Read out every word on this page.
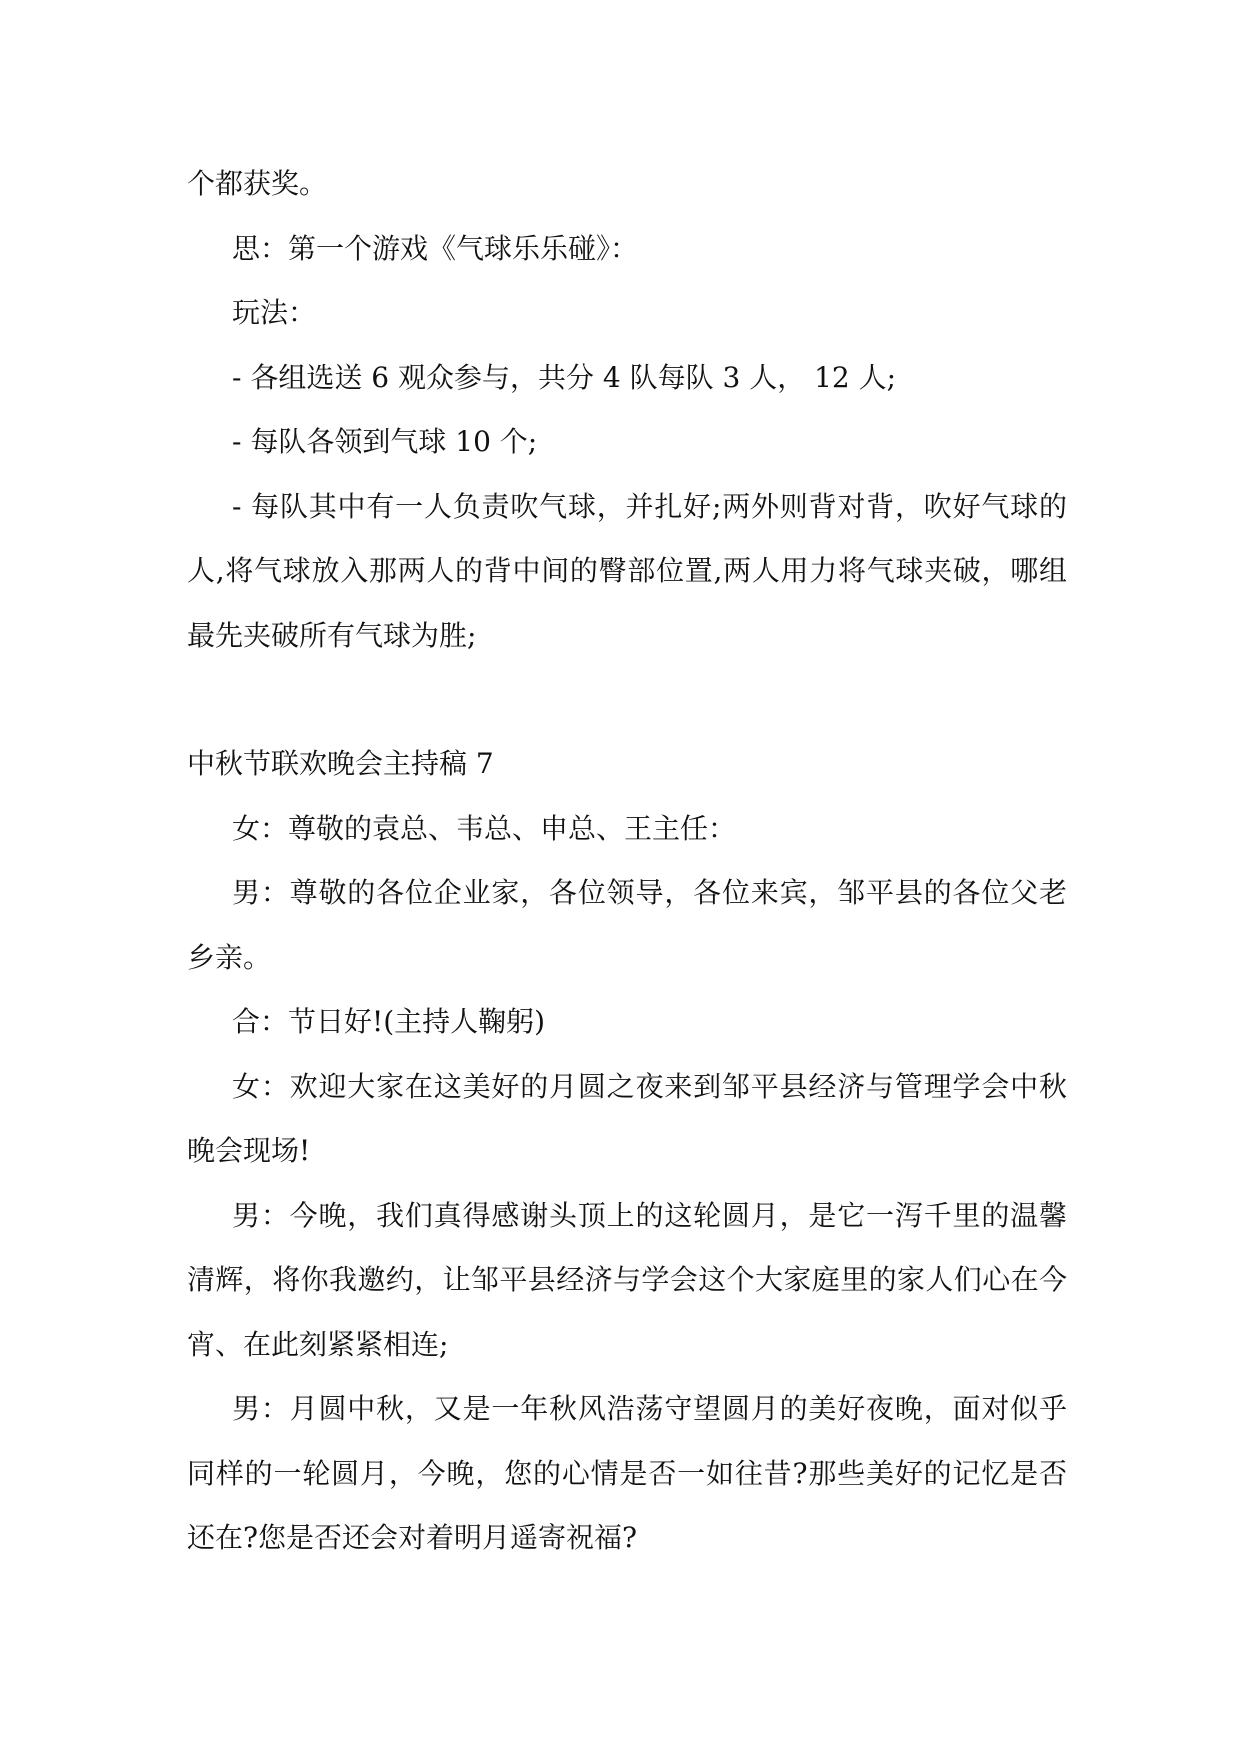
个都获奖。

思：第一个游戏《气球乐乐碰》：

玩法：

- 各组选送 6 观众参与，共分 4 队每队 3 人， 12 人;

- 每队各领到气球 10 个;

- 每队其中有一人负责吹气球，并扎好;两外则背对背，吹好气球的人,将气球放入那两人的背中间的臀部位置,两人用力将气球夹破，哪组最先夹破所有气球为胜;

中秋节联欢晚会主持稿 7

女：尊敬的袁总、韦总、申总、王主任：

男：尊敬的各位企业家，各位领导，各位来宾，邹平县的各位父老乡亲。

合：节日好!(主持人鞠躬)

女：欢迎大家在这美好的月圆之夜来到邹平县经济与管理学会中秋晚会现场!

男：今晚，我们真得感谢头顶上的这轮圆月，是它一泻千里的温馨清辉，将你我邀约，让邹平县经济与学会这个大家庭里的家人们心在今宵、在此刻紧紧相连;

男：月圆中秋，又是一年秋风浩荡守望圆月的美好夜晚，面对似乎同样的一轮圆月，今晚，您的心情是否一如往昔?那些美好的记忆是否还在?您是否还会对着明月遥寄祝福?
